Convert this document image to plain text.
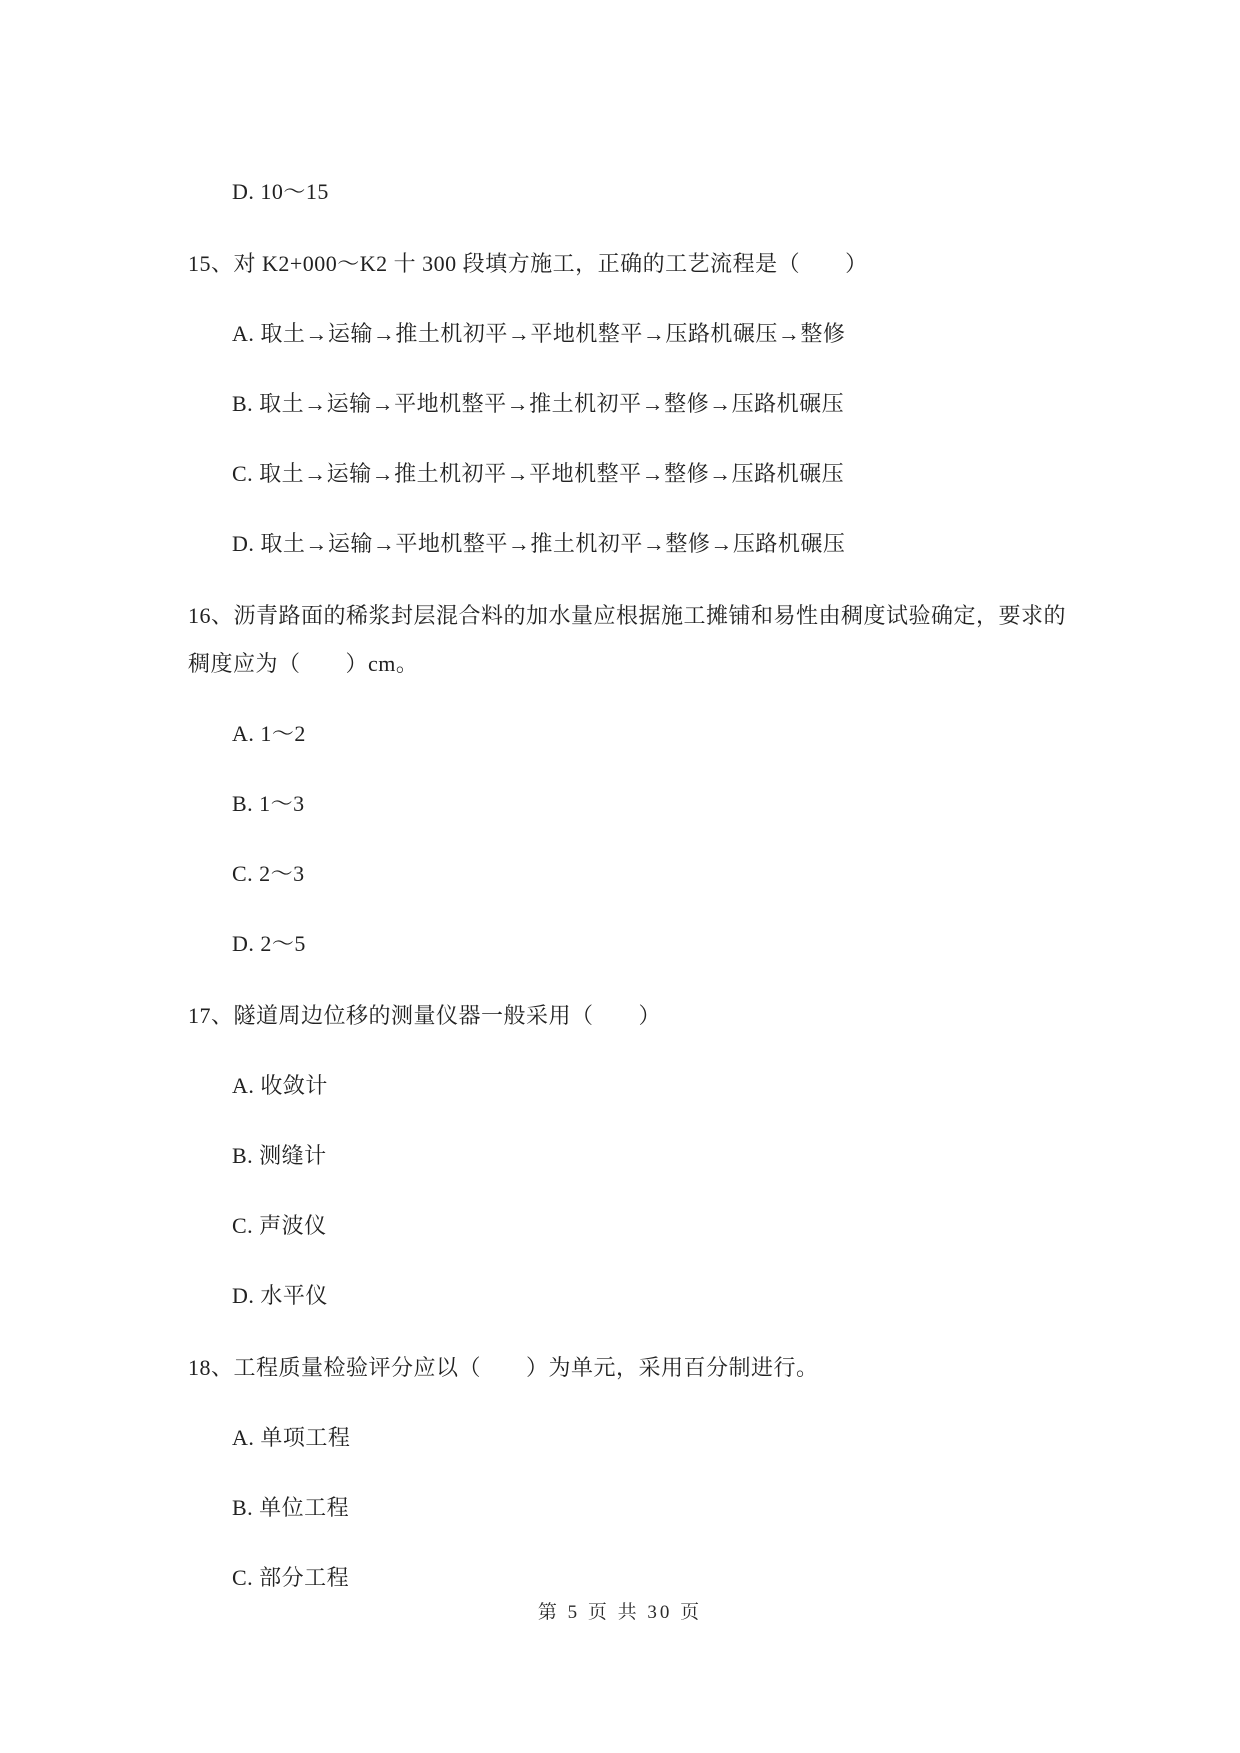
D. 10～15

15、对 K2+000～K2 十 300 段填方施工，正确的工艺流程是（　　）

A. 取土→运输→推土机初平→平地机整平→压路机碾压→整修

B. 取土→运输→平地机整平→推土机初平→整修→压路机碾压

C. 取土→运输→推土机初平→平地机整平→整修→压路机碾压

D. 取土→运输→平地机整平→推土机初平→整修→压路机碾压

16、沥青路面的稀浆封层混合料的加水量应根据施工摊铺和易性由稠度试验确定，要求的

稠度应为（　　）cm。

A. 1～2

B. 1～3

C. 2～3

D. 2～5

17、隧道周边位移的测量仪器一般采用（　　）

A. 收敛计

B. 测缝计

C. 声波仪

D. 水平仪

18、工程质量检验评分应以（　　）为单元，采用百分制进行。

A. 单项工程

B. 单位工程

C. 部分工程

第 5 页 共 30 页
